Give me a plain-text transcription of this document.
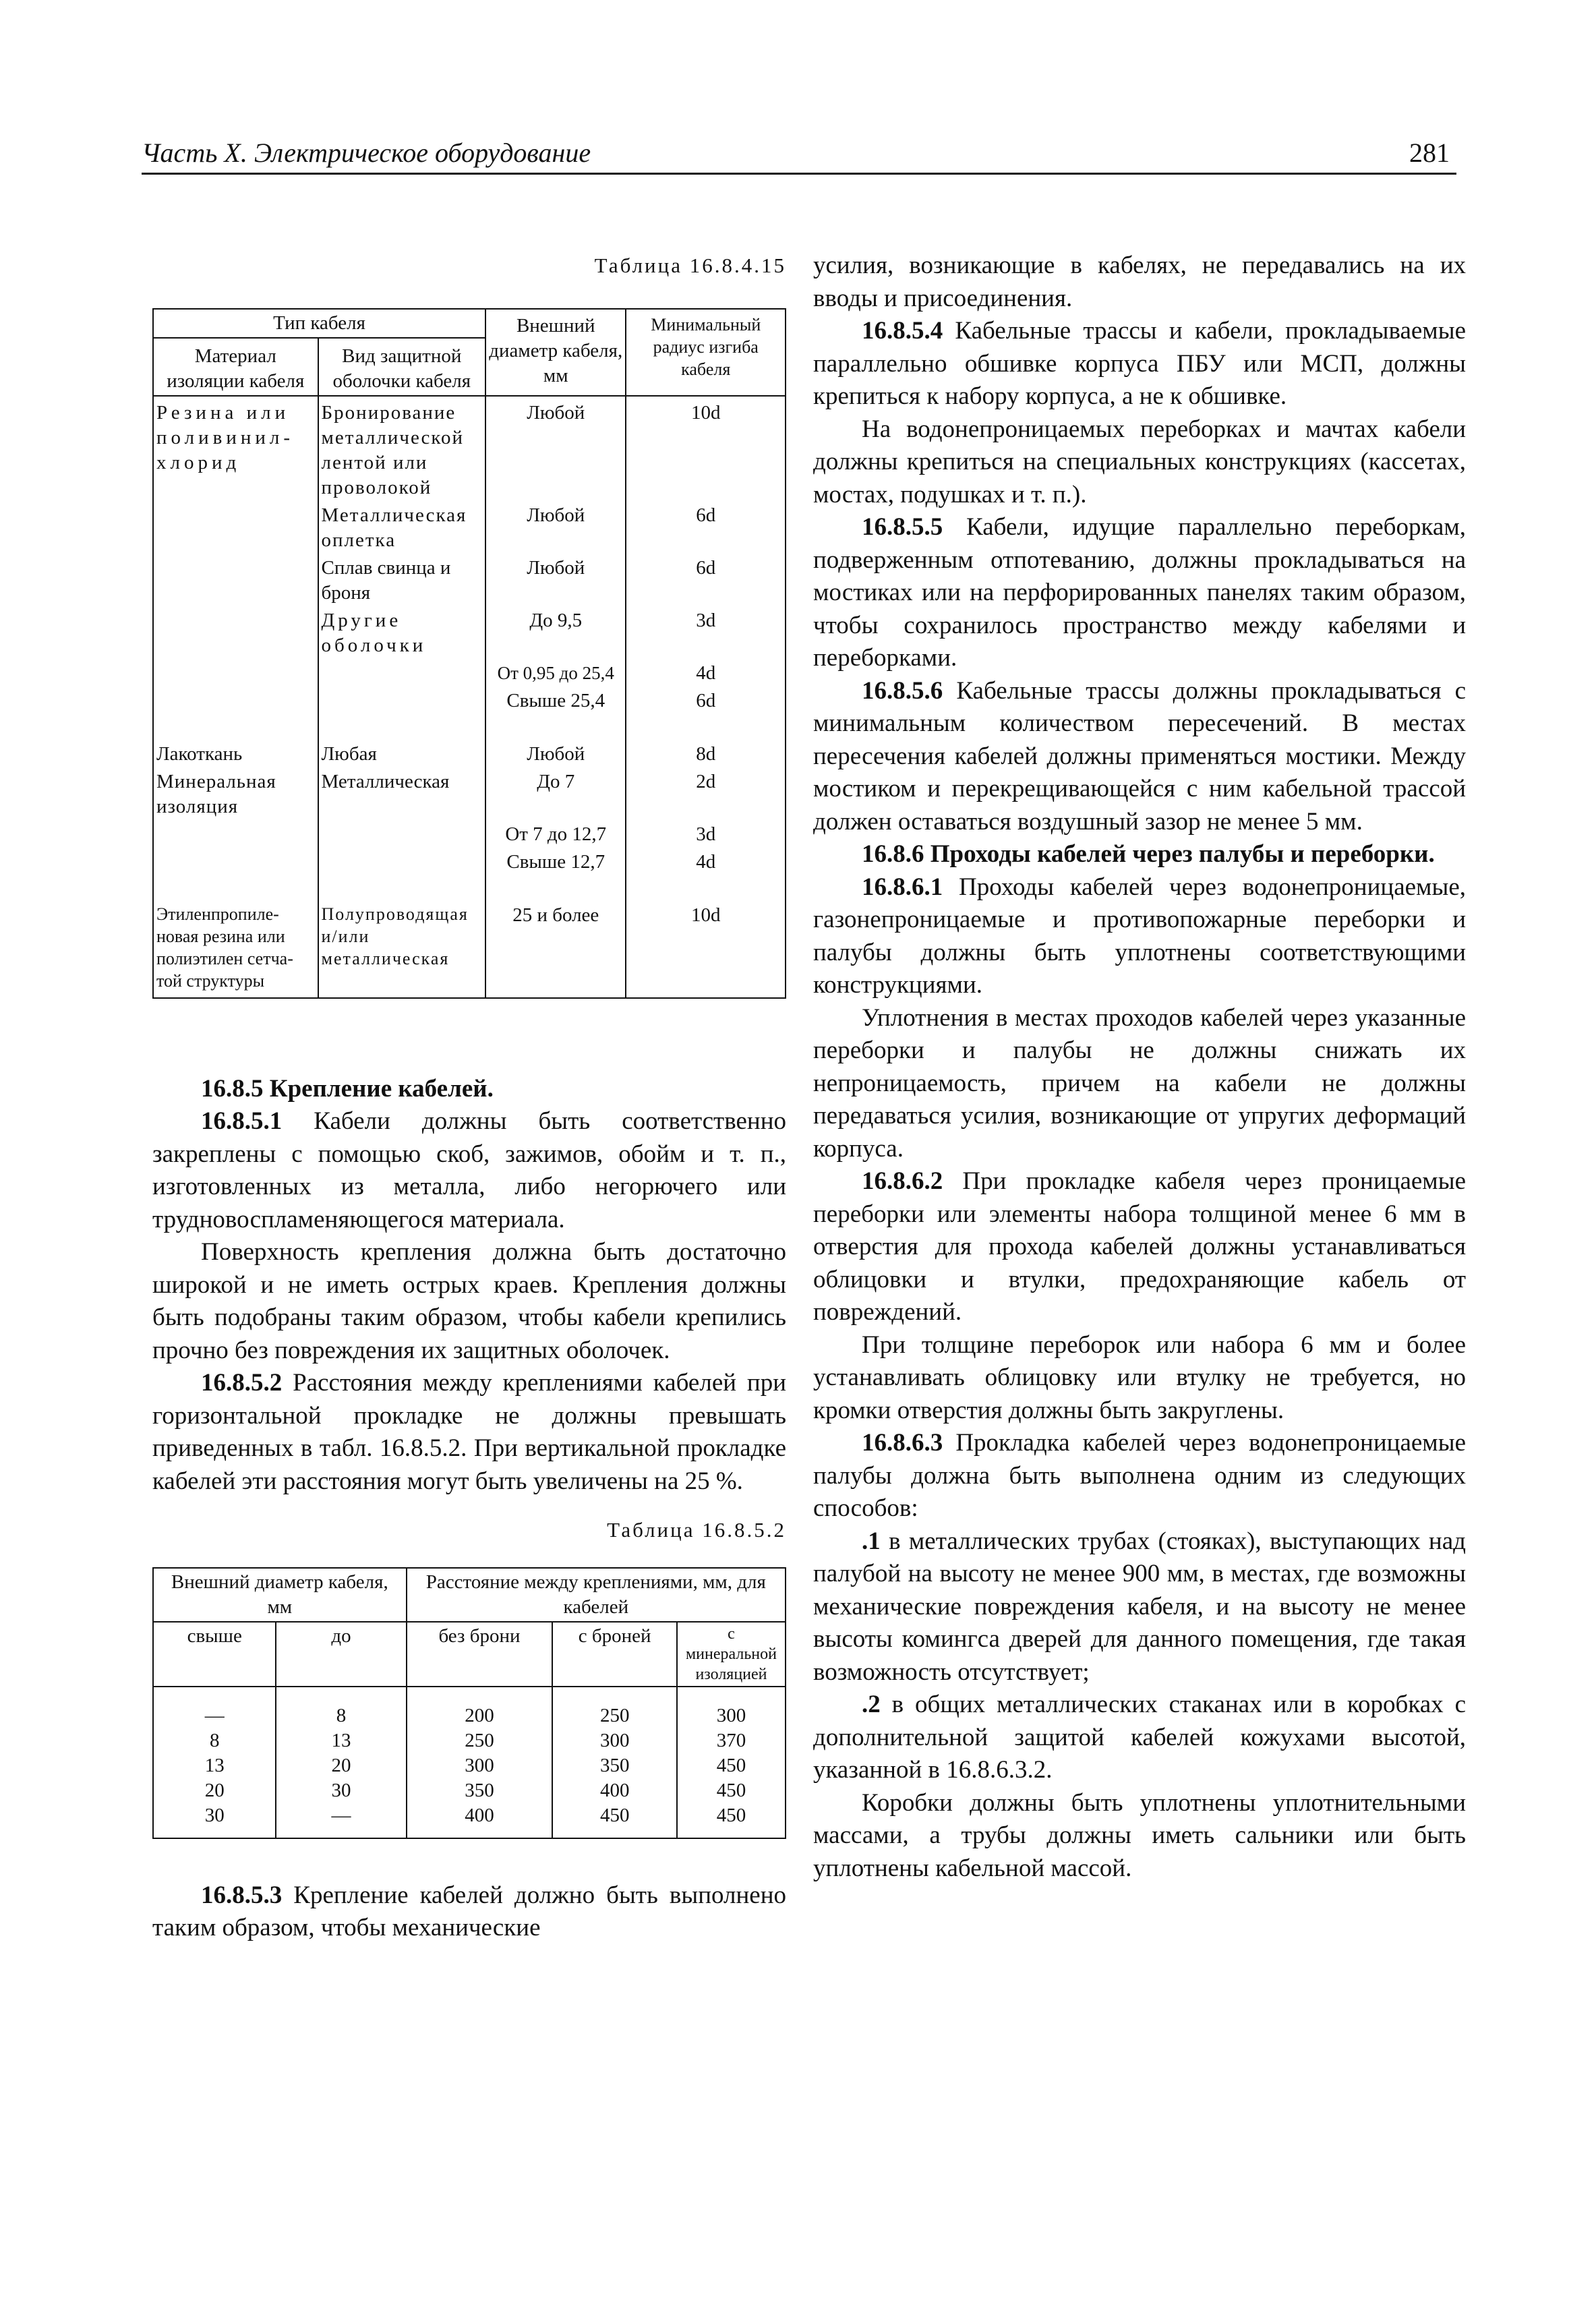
Часть X. Электрическое оборудование	281
Таблица 16.8.4.15
Тип кабеля		Внешний диаметр кабеля, мм	Минимальный радиус изгиба кабеля
Материал изоляции кабеля	Вид защитной оболочки кабеля		
Резина или поливинил-хлорид	Бронирование металлической лентой или проволокой	Любой	10d
	Металлическая оплетка	Любой	6d
	Сплав свинца и броня	Любой	6d
	Другие оболочки	До 9,5	3d
		От 0,95 до 25,4	4d
		Свыше 25,4	6d

Лакоткань	Любая	Любой	8d
Минеральная изоляция	Металлическая	До 7	2d
		От 7 до 12,7	3d
		Свыше 12,7	4d

Этиленпропиле-новая резина или полиэтилен сетча-той структуры	Полупроводящая и/или металлическая	25 и более	10d

16.8.5 Крепление кабелей.

16.8.5.1 Кабели должны быть соответственно закреплены с помощью скоб, зажимов, обойм и т. п., изготовленных из металла, либо негорючего или трудновоспламеняющегося материала.

Поверхность крепления должна быть достаточно широкой и не иметь острых краев. Крепления должны быть подобраны таким образом, чтобы кабели крепились прочно без повреждения их защитных оболочек.

16.8.5.2 Расстояния между креплениями кабелей при горизонтальной прокладке не должны превышать приведенных в табл. 16.8.5.2. При вертикальной прокладке кабелей эти расстояния могут быть увеличены на 25 %.

Таблица 16.8.5.2
Внешний диаметр кабеля, мм		Расстояние между креплениями, мм, для кабелей		
свыше	до	без брони	с броней	с минеральной изоляцией
—	8	200	250	300
8	13	250	300	370
13	20	300	350	450
20	30	350	400	450
30	—	400	450	450

16.8.5.3 Крепление кабелей должно быть выполнено таким образом, чтобы механические

усилия, возникающие в кабелях, не передавались на их вводы и присоединения.

16.8.5.4 Кабельные трассы и кабели, прокладываемые параллельно обшивке корпуса ПБУ или МСП, должны крепиться к набору корпуса, а не к обшивке.

На водонепроницаемых переборках и мачтах кабели должны крепиться на специальных конструкциях (кассетах, мостах, подушках и т. п.).

16.8.5.5 Кабели, идущие параллельно переборкам, подверженным отпотеванию, должны прокладываться на мостиках или на перфорированных панелях таким образом, чтобы сохранилось пространство между кабелями и переборками.

16.8.5.6 Кабельные трассы должны прокладываться с минимальным количеством пересечений. В местах пересечения кабелей должны применяться мостики. Между мостиком и перекрещивающейся с ним кабельной трассой должен оставаться воздушный зазор не менее 5 мм.

16.8.6 Проходы кабелей через палубы и переборки.

16.8.6.1 Проходы кабелей через водонепроницаемые, газонепроницаемые и противопожарные переборки и палубы должны быть уплотнены соответствующими конструкциями.

Уплотнения в местах проходов кабелей через указанные переборки и палубы не должны снижать их непроницаемость, причем на кабели не должны передаваться усилия, возникающие от упругих деформаций корпуса.

16.8.6.2 При прокладке кабеля через проницаемые переборки или элементы набора толщиной менее 6 мм в отверстия для прохода кабелей должны устанавливаться облицовки и втулки, предохраняющие кабель от повреждений.

При толщине переборок или набора 6 мм и более устанавливать облицовку или втулку не требуется, но кромки отверстия должны быть закруглены.

16.8.6.3 Прокладка кабелей через водонепроницаемые палубы должна быть выполнена одним из следующих способов:

.1 в металлических трубах (стояках), выступающих над палубой на высоту не менее 900 мм, в местах, где возможны механические повреждения кабеля, и на высоту не менее высоты комингса дверей для данного помещения, где такая возможность отсутствует;

.2 в общих металлических стаканах или в коробках с дополнительной защитой кабелей кожухами высотой, указанной в 16.8.6.3.2.

Коробки должны быть уплотнены уплотнительными массами, а трубы должны иметь сальники или быть уплотнены кабельной массой.
